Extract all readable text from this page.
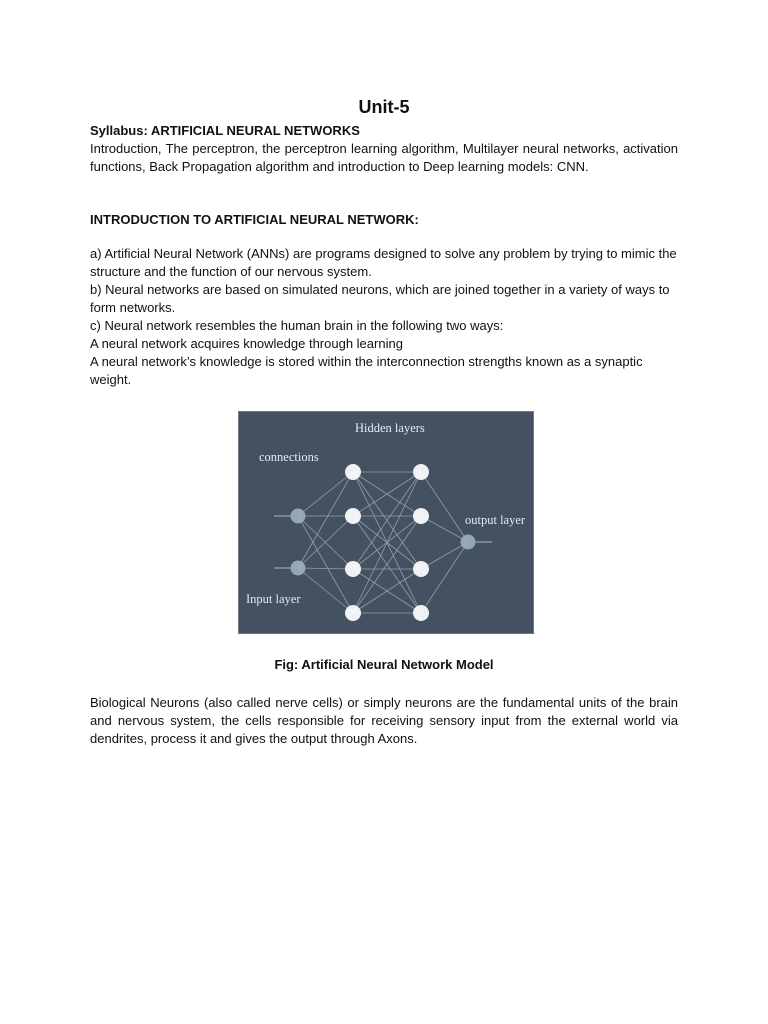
Unit-5
Syllabus: ARTIFICIAL NEURAL NETWORKS
Introduction, The perceptron, the perceptron learning algorithm, Multilayer neural networks, activation functions, Back Propagation algorithm and introduction to Deep learning models: CNN.
INTRODUCTION TO ARTIFICIAL NEURAL NETWORK:
a) Artificial Neural Network (ANNs) are programs designed to solve any problem by trying to mimic the structure and the function of our nervous system.
b) Neural networks are based on simulated neurons, which are joined together in a variety of ways to form networks.
c) Neural network resembles the human brain in the following two ways:
A neural network acquires knowledge through learning
A neural network’s knowledge is stored within the interconnection strengths known as a synaptic weight.
Hidden layers
connections
output layer
Input layer
Fig: Artificial Neural Network Model
Biological Neurons (also called nerve cells) or simply neurons are the fundamental units of the brain and nervous system, the cells responsible for receiving sensory input from the external world via dendrites, process it and gives the output through Axons.
